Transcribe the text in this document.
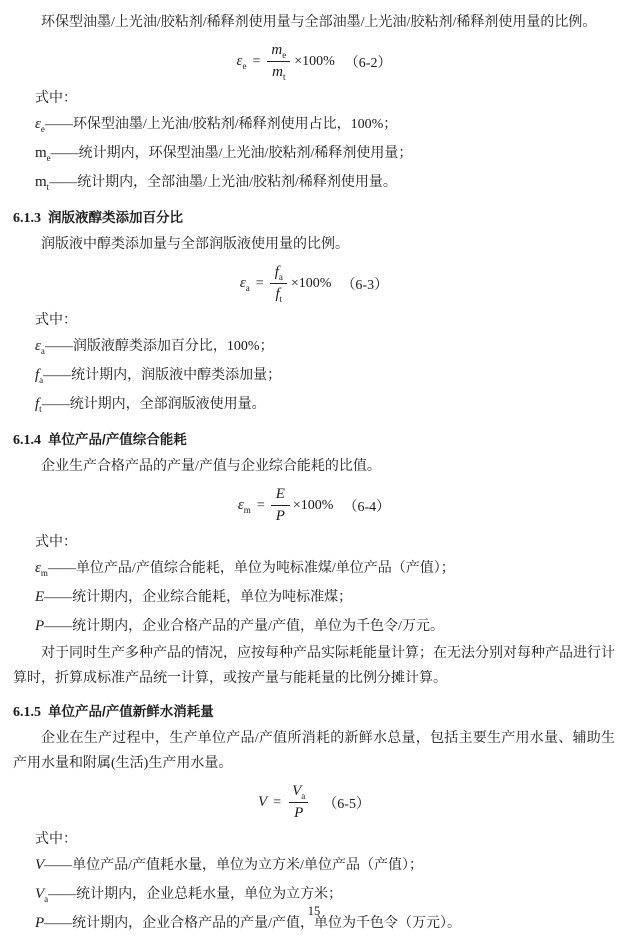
环保型油墨/上光油/胶粘剂/稀释剂使用量与全部油墨/上光油/胶粘剂/稀释剂使用量的比例。
$\varepsilon_e = \frac{m_e}{m_t} \times 100\%$ （6-2）
式中：
$\varepsilon_e——$环保型油墨/上光油/胶粘剂/稀释剂使用占比，100%；
$m_e——$统计期内，环保型油墨/上光油/胶粘剂/稀释剂使用量；
$m_t——$统计期内，全部油墨/上光油/胶粘剂/稀释剂使用量。
6.1.3 润版液醇类添加百分比
润版液中醇类添加量与全部润版液使用量的比例。
$\varepsilon_a = \frac{f_a}{f_t} \times 100\%$ （6-3）
式中：
$\varepsilon_a——$润版液醇类添加百分比，100%；
$f_a——$统计期内，润版液中醇类添加量；
$f_t——$统计期内，全部润版液使用量。
6.1.4 单位产品/产值综合能耗
企业生产合格产品的产量/产值与企业综合能耗的比值。
$\varepsilon_m = \frac{E}{P} \times 100\%$ （6-4）
式中：
$\varepsilon_m——$单位产品/产值综合能耗，单位为吨标准煤/单位产品（产值）；
E——统计期内，企业综合能耗，单位为吨标准煤；
P——统计期内，企业合格产品的产量/产值，单位为千色令/万元。
对于同时生产多种产品的情况，应按每种产品实际耗能量计算；在无法分别对每种产品进行计算时，折算成标准产品统一计算，或按产量与能耗量的比例分摊计算。
6.1.5 单位产品/产值新鲜水消耗量
企业在生产过程中，生产单位产品/产值所消耗的新鲜水总量，包括主要生产用水量、辅助生产用水量和附属(生活)生产用水量。
$V = \frac{V_a}{P} (6-5)$
式中：
V——单位产品/产值耗水量，单位为立方米/单位产品（产值）；
$V_a——$统计期内，企业总耗水量，单位为立方米；
P——统计期内，企业合格产品的产量/产值，单位为千色令（万元）。
15
